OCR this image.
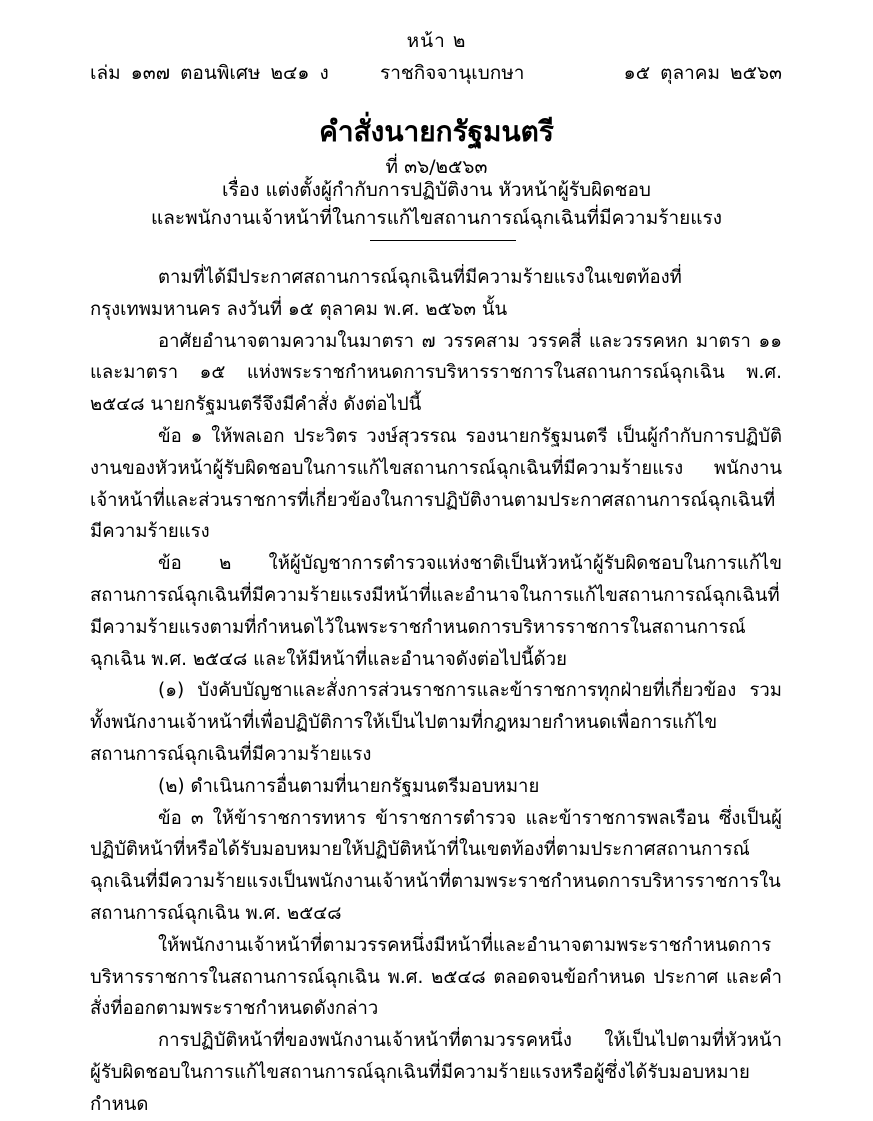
หน้า ๒
เล่ม ๑๓๗ ตอนพิเศษ ๒๔๑ ง	ราชกิจจานุเบกษา	๑๕ ตุลาคม ๒๕๖๓
คำสั่งนายกรัฐมนตรี
ที่ ๓๖/๒๕๖๓
เรื่อง แต่งตั้งผู้กำกับการปฏิบัติงาน หัวหน้าผู้รับผิดชอบ
และพนักงานเจ้าหน้าที่ในการแก้ไขสถานการณ์ฉุกเฉินที่มีความร้ายแรง

ตามที่ได้มีประกาศสถานการณ์ฉุกเฉินที่มีความร้ายแรงในเขตท้องที่กรุงเทพมหานคร ลงวันที่ ๑๕ ตุลาคม พ.ศ. ๒๕๖๓ นั้น

อาศัยอำนาจตามความในมาตรา ๗ วรรคสาม วรรคสี่ และวรรคหก มาตรา ๑๑ และมาตรา ๑๕ แห่งพระราชกำหนดการบริหารราชการในสถานการณ์ฉุกเฉิน พ.ศ. ๒๕๔๘ นายกรัฐมนตรีจึงมีคำสั่ง ดังต่อไปนี้

ข้อ ๑ ให้พลเอก ประวิตร วงษ์สุวรรณ รองนายกรัฐมนตรี เป็นผู้กำกับการปฏิบัติงานของหัวหน้าผู้รับผิดชอบในการแก้ไขสถานการณ์ฉุกเฉินที่มีความร้ายแรง พนักงานเจ้าหน้าที่และส่วนราชการที่เกี่ยวข้องในการปฏิบัติงานตามประกาศสถานการณ์ฉุกเฉินที่มีความร้ายแรง

ข้อ ๒ ให้ผู้บัญชาการตำรวจแห่งชาติเป็นหัวหน้าผู้รับผิดชอบในการแก้ไขสถานการณ์ฉุกเฉินที่มีความร้ายแรงมีหน้าที่และอำนาจในการแก้ไขสถานการณ์ฉุกเฉินที่มีความร้ายแรงตามที่กำหนดไว้ในพระราชกำหนดการบริหารราชการในสถานการณ์ฉุกเฉิน พ.ศ. ๒๕๔๘ และให้มีหน้าที่และอำนาจดังต่อไปนี้ด้วย

(๑) บังคับบัญชาและสั่งการส่วนราชการและข้าราชการทุกฝ่ายที่เกี่ยวข้อง รวมทั้งพนักงานเจ้าหน้าที่เพื่อปฏิบัติการให้เป็นไปตามที่กฎหมายกำหนดเพื่อการแก้ไขสถานการณ์ฉุกเฉินที่มีความร้ายแรง

(๒) ดำเนินการอื่นตามที่นายกรัฐมนตรีมอบหมาย

ข้อ ๓ ให้ข้าราชการทหาร ข้าราชการตำรวจ และข้าราชการพลเรือน ซึ่งเป็นผู้ปฏิบัติหน้าที่หรือได้รับมอบหมายให้ปฏิบัติหน้าที่ในเขตท้องที่ตามประกาศสถานการณ์ฉุกเฉินที่มีความร้ายแรงเป็นพนักงานเจ้าหน้าที่ตามพระราชกำหนดการบริหารราชการในสถานการณ์ฉุกเฉิน พ.ศ. ๒๕๔๘

ให้พนักงานเจ้าหน้าที่ตามวรรคหนึ่งมีหน้าที่และอำนาจตามพระราชกำหนดการบริหารราชการในสถานการณ์ฉุกเฉิน พ.ศ. ๒๕๔๘ ตลอดจนข้อกำหนด ประกาศ และคำสั่งที่ออกตามพระราชกำหนดดังกล่าว

การปฏิบัติหน้าที่ของพนักงานเจ้าหน้าที่ตามวรรคหนึ่ง ให้เป็นไปตามที่หัวหน้าผู้รับผิดชอบในการแก้ไขสถานการณ์ฉุกเฉินที่มีความร้ายแรงหรือผู้ซึ่งได้รับมอบหมาย กำหนด
